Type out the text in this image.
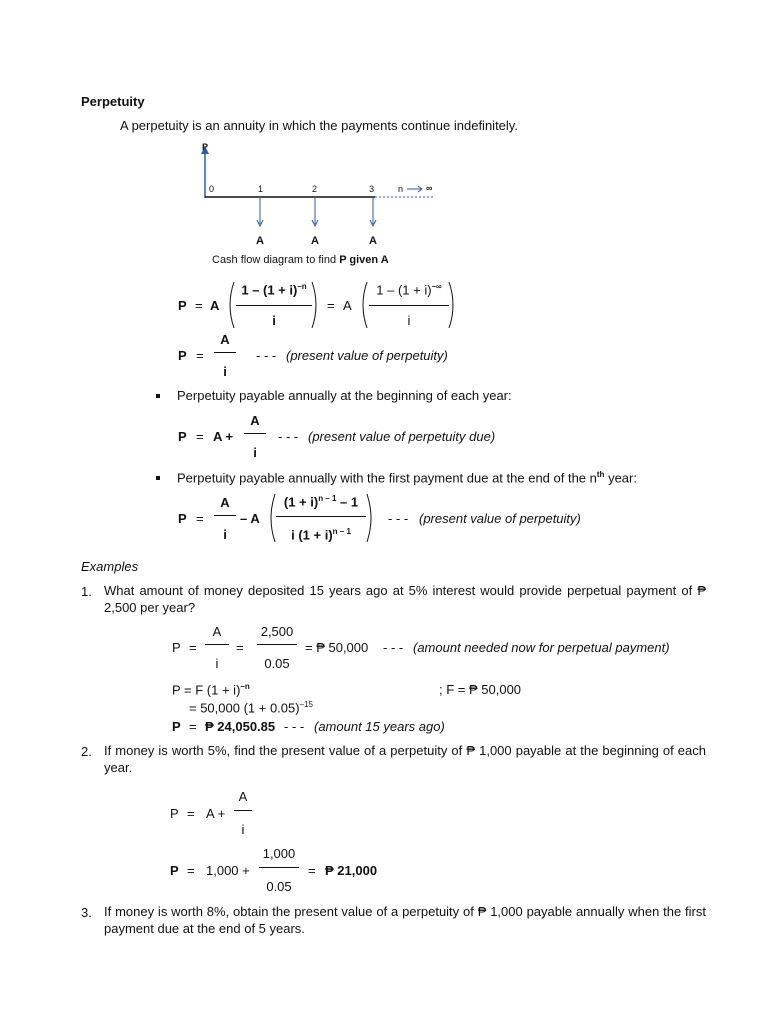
Perpetuity
A perpetuity is an annuity in which the payments continue indefinitely.
P
0	1	2	3	n	∞
A	A	A
Cash flow diagram to find P given A
P = A
$1 - (1 + i)^{-n}$
i
= A
1 – (1 + i)–∞
i
P =
A
i
- - - (present value of perpetuity)
Perpetuity payable annually at the beginning of each year:
P = A +
A
i
- - - (present value of perpetuity due)
Perpetuity payable annually with the first payment due at the end of the $n^{th}$ year:
P =
A
i
– A
$(1 + i)^{n - 1} - 1$
i $(1 + i)^{n - 1}$
- - - (present value of perpetuity)
Examples
1. What amount of money deposited 15 years ago at 5% interest would provide perpetual payment of ₱ 2,500 per year?
P =
A
i
=
2,500
0.05
= ₱ 50,000 - - - (amount needed now for perpetual payment)
P = F $(1 + i)^{-n}$	; F = ₱ 50,000
= 50,000 $(1 + 0.05)^{-15}$
P = ₱ 24,050.85 - - - (amount 15 years ago)
2. If money is worth 5%, find the present value of a perpetuity of ₱ 1,000 payable at the beginning of each year.
P = A +
A
i
P = 1,000 +
1,000
0.05
= ₱ 21,000
3. If money is worth 8%, obtain the present value of a perpetuity of ₱ 1,000 payable annually when the first payment due at the end of 5 years.
